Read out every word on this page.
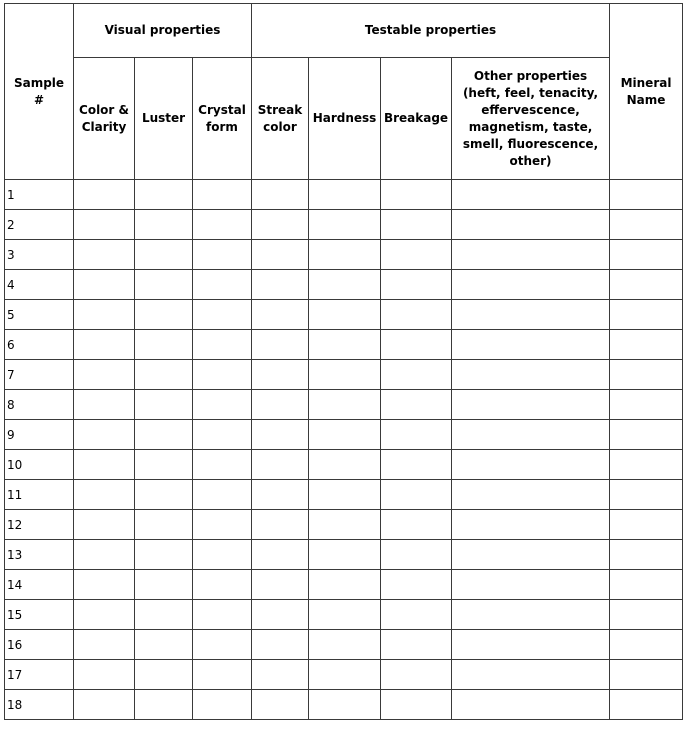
Sample #	Visual properties			Testable properties				Mineral Name
	Color & Clarity	Luster	Crystal form	Streak color	Hardness	Breakage	Other properties (heft, feel, tenacity, effervescence, magnetism, taste, smell, fluorescence, other)	
1								
2								
3								
4								
5								
6								
7								
8								
9								
10								
11								
12								
13								
14								
15								
16								
17								
18								
